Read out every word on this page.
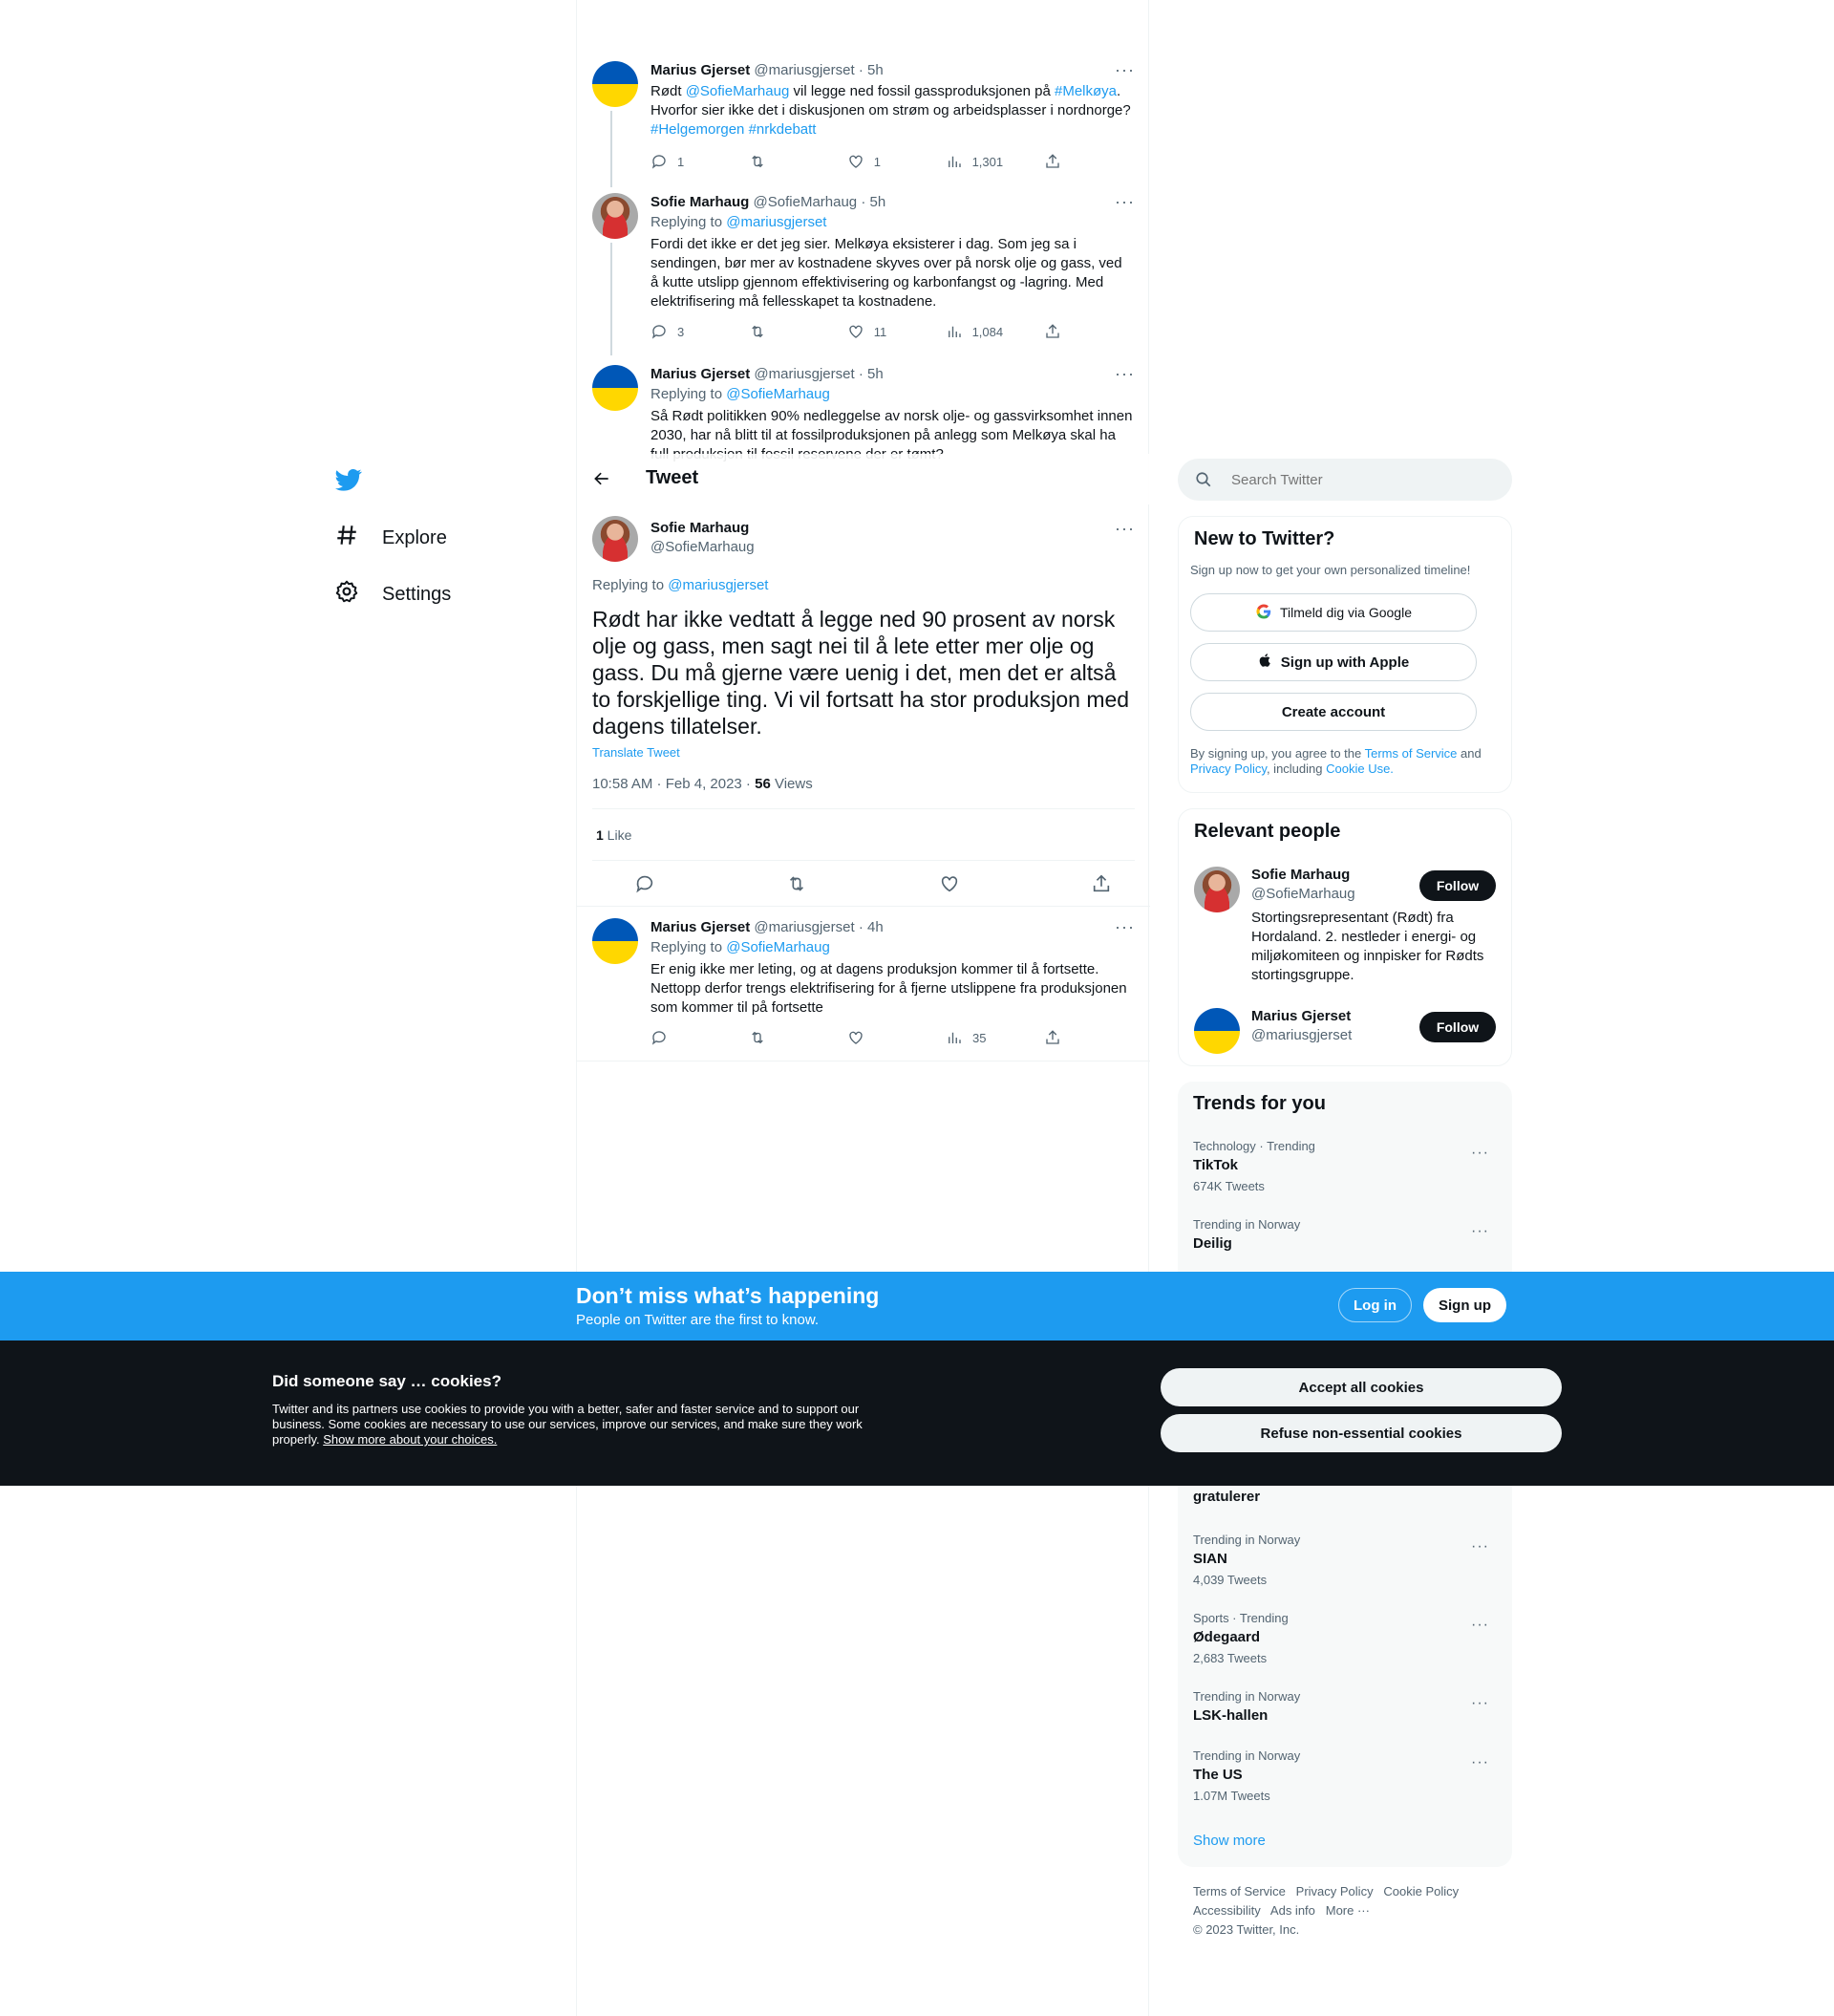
Explore
Settings
Marius Gjerset @mariusgjerset · 5h	···
Rødt @SofieMarhaug vil legge ned fossil gassproduksjonen på #Melkøya. Hvorfor sier ikke det i diskusjonen om strøm og arbeidsplasser i nordnorge? #Helgemorgen #nrkdebatt
1	1	1,301
Sofie Marhaug @SofieMarhaug · 5h	···
Replying to @mariusgjerset
Fordi det ikke er det jeg sier. Melkøya eksisterer i dag. Som jeg sa i sendingen, bør mer av kostnadene skyves over på norsk olje og gass, ved å kutte utslipp gjennom effektivisering og karbonfangst og -lagring. Med elektrifisering må fellesskapet ta kostnadene.
3	11	1,084
Marius Gjerset @mariusgjerset · 5h	···
Replying to @SofieMarhaug
Så Rødt politikken 90% nedleggelse av norsk olje- og gassvirksomhet innen 2030, har nå blitt til at fossilproduksjonen på anlegg som Melkøya skal ha
Tweet
Sofie Marhaug
@SofieMarhaug
···
Replying to @mariusgjerset
Rødt har ikke vedtatt å legge ned 90 prosent av norsk olje og gass, men sagt nei til å lete etter mer olje og gass. Du må gjerne være uenig i det, men det er altså to forskjellige ting. Vi vil fortsatt ha stor produksjon med dagens tillatelser.
Translate Tweet
10:58 AM · Feb 4, 2023 · 56 Views
1 Like
Marius Gjerset @mariusgjerset · 4h	···
Replying to @SofieMarhaug
Er enig ikke mer leting, og at dagens produksjon kommer til å fortsette. Nettopp derfor trengs elektrifisering for å fjerne utslippene fra produksjonen som kommer til på fortsette
35
Search Twitter
New to Twitter?
Sign up now to get your own personalized timeline!
Tilmeld dig via Google
Sign up with Apple
Create account
By signing up, you agree to the Terms of Service and Privacy Policy, including Cookie Use.
Relevant people
Sofie Marhaug
@SofieMarhaug	Follow
Stortingsrepresentant (Rødt) fra Hordaland. 2. nestleder i energi- og miljøkomiteen og innpisker for Rødts stortingsgruppe.
Marius Gjerset
@mariusgjerset	Follow
Trends for you
Technology · Trending
TikTok
674K Tweets
···
Trending in Norway
Deilig
···
gratulerer
Trending in Norway
SIAN
4,039 Tweets
···
Sports · Trending
Ødegaard
2,683 Tweets
···
Trending in Norway
LSK-hallen
···
Trending in Norway
The US
1.07M Tweets
···
Show more
Terms of Service Privacy Policy Cookie Policy
Accessibility Ads info More ···
© 2023 Twitter, Inc.
Don’t miss what’s happening
People on Twitter are the first to know.
Log in	Sign up
Did someone say … cookies?
Twitter and its partners use cookies to provide you with a better, safer and faster service and to support our business. Some cookies are necessary to use our services, improve our services, and make sure they work properly. Show more about your choices.
Accept all cookies
Refuse non-essential cookies
